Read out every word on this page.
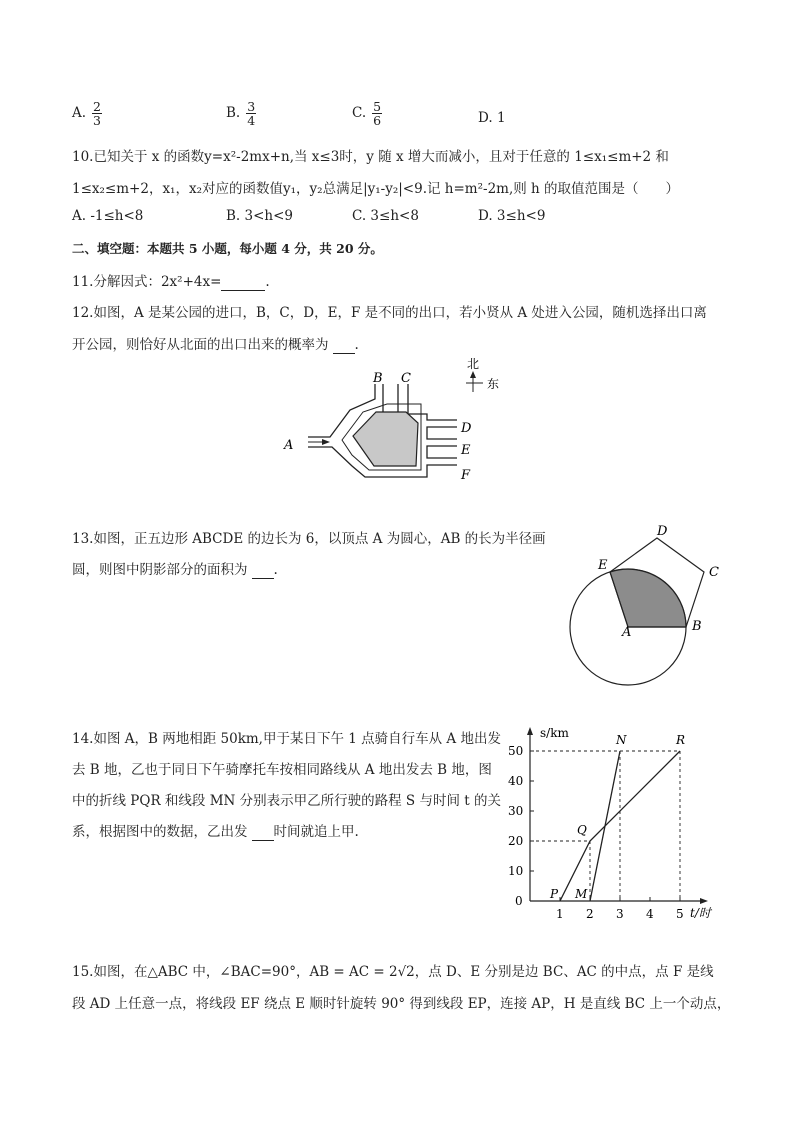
A. $\frac{2}{3}$	B. $\frac{3}{4}$	C. $\frac{5}{6}$	D. 1
10.已知关于 x 的函数y=x²-2mx+n,当 x≤3时，y 随 x 增大而减小，且对于任意的 1≤x₁≤m+2 和
1≤x₂≤m+2，x₁，x₂对应的函数值y₁，y₂总满足|y₁-y₂|<9.记 h=m²-2m,则 h 的取值范围是（　　）
A. -1≤h<8	B. 3<h<9	C. 3≤h<8	D. 3≤h<9
二、填空题：本题共 5 小题，每小题 4 分，共 20 分。
11.分解因式：2x²+4x=	.
12.如图，A 是某公园的进口，B，C，D，E，F 是不同的出口，若小贤从 A 处进入公园，随机选择出口离
开公园，则恰好从北面的出口出来的概率为 .
A
B C
D
E
F
北
东
13.如图，正五边形 ABCDE 的边长为 6，以顶点 A 为圆心，AB 的长为半径画
圆，则图中阴影部分的面积为 .
A	B
C
D
E
14.如图 A，B 两地相距 50km,甲于某日下午 1 点骑自行车从 A 地出发
去 B 地，乙也于同日下午骑摩托车按相同路线从 A 地出发去 B 地，图
中的折线 PQR 和线段 MN 分别表示甲乙所行驶的路程 S 与时间 t 的关
系，根据图中的数据，乙出发 时间就追上甲.
s/km
t/时
1 2 3 4 5
0
10
20
30
40
50
P
Q
R
M
N
15.如图，在△ABC 中，∠BAC=90°，AB = AC = 2√2，点 D、E 分别是边 BC、AC 的中点，点 F 是线
段 AD 上任意一点，将线段 EF 绕点 E 顺时针旋转 90° 得到线段 EP，连接 AP，H 是直线 BC 上一个动点，
